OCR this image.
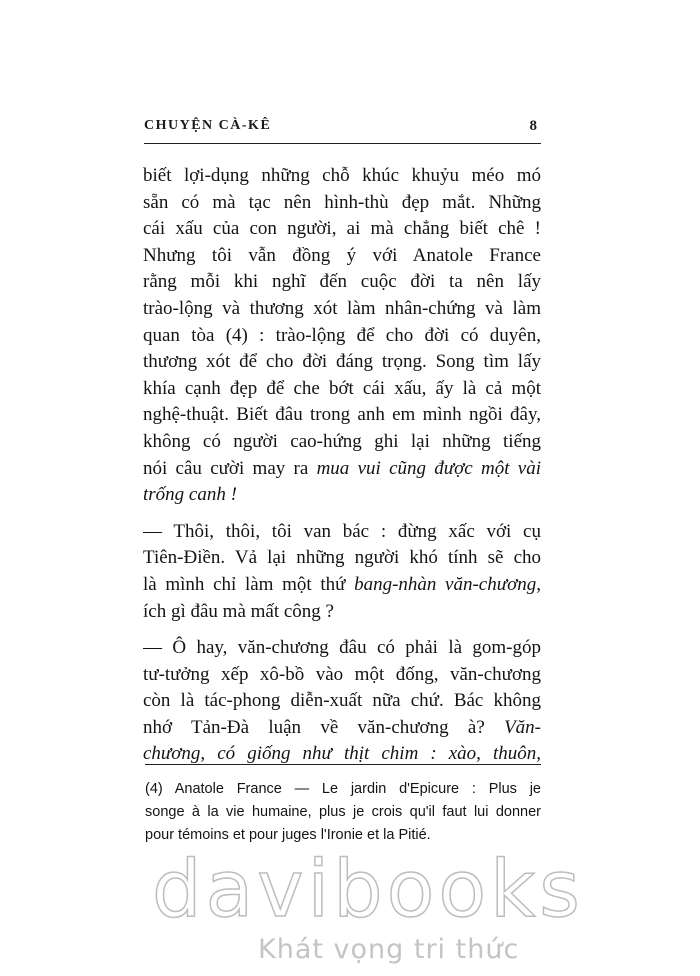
CHUYỆN CÀ-KÊ	8
biết lợi-dụng những chỗ khúc khuỷu méo mó
sẵn có mà tạc nên hình-thù đẹp mắt. Những
cái xấu của con người, ai mà chẳng biết chê !
Nhưng tôi vẫn đồng ý với Anatole France
rằng mỗi khi nghĩ đến cuộc đời ta nên lấy
trào-lộng và thương xót làm nhân-chứng và làm
quan tòa (4) : trào-lộng để cho đời có duyên,
thương xót để cho đời đáng trọng. Song tìm lấy
khía cạnh đẹp để che bớt cái xấu, ấy là cả một
nghệ-thuật. Biết đâu trong anh em mình ngồi đây,
không có người cao-hứng ghi lại những tiếng
nói câu cười may ra mua vui cũng được một vài
trống canh !
— Thôi, thôi, tôi van bác : đừng xấc với cụ
Tiên-Điền. Vả lại những người khó tính sẽ cho
là mình chỉ làm một thứ bang-nhàn văn-chương,
ích gì đâu mà mất công ?
— Ô hay, văn-chương đâu có phải là gom-góp
tư-tưởng xếp xô-bồ vào một đống, văn-chương
còn là tác-phong diễn-xuất nữa chứ. Bác không
nhớ Tản-Đà luận về văn-chương à? Văn-
chương, có giống như thịt chim : xào, thuôn,
(4) Anatole France — Le jardin d'Epicure : Plus je
songe à la vie humaine, plus je crois qu'il faut lui donner
pour témoins et pour juges l'Ironie et la Pitié.
davibooks
Khát vọng tri thức
